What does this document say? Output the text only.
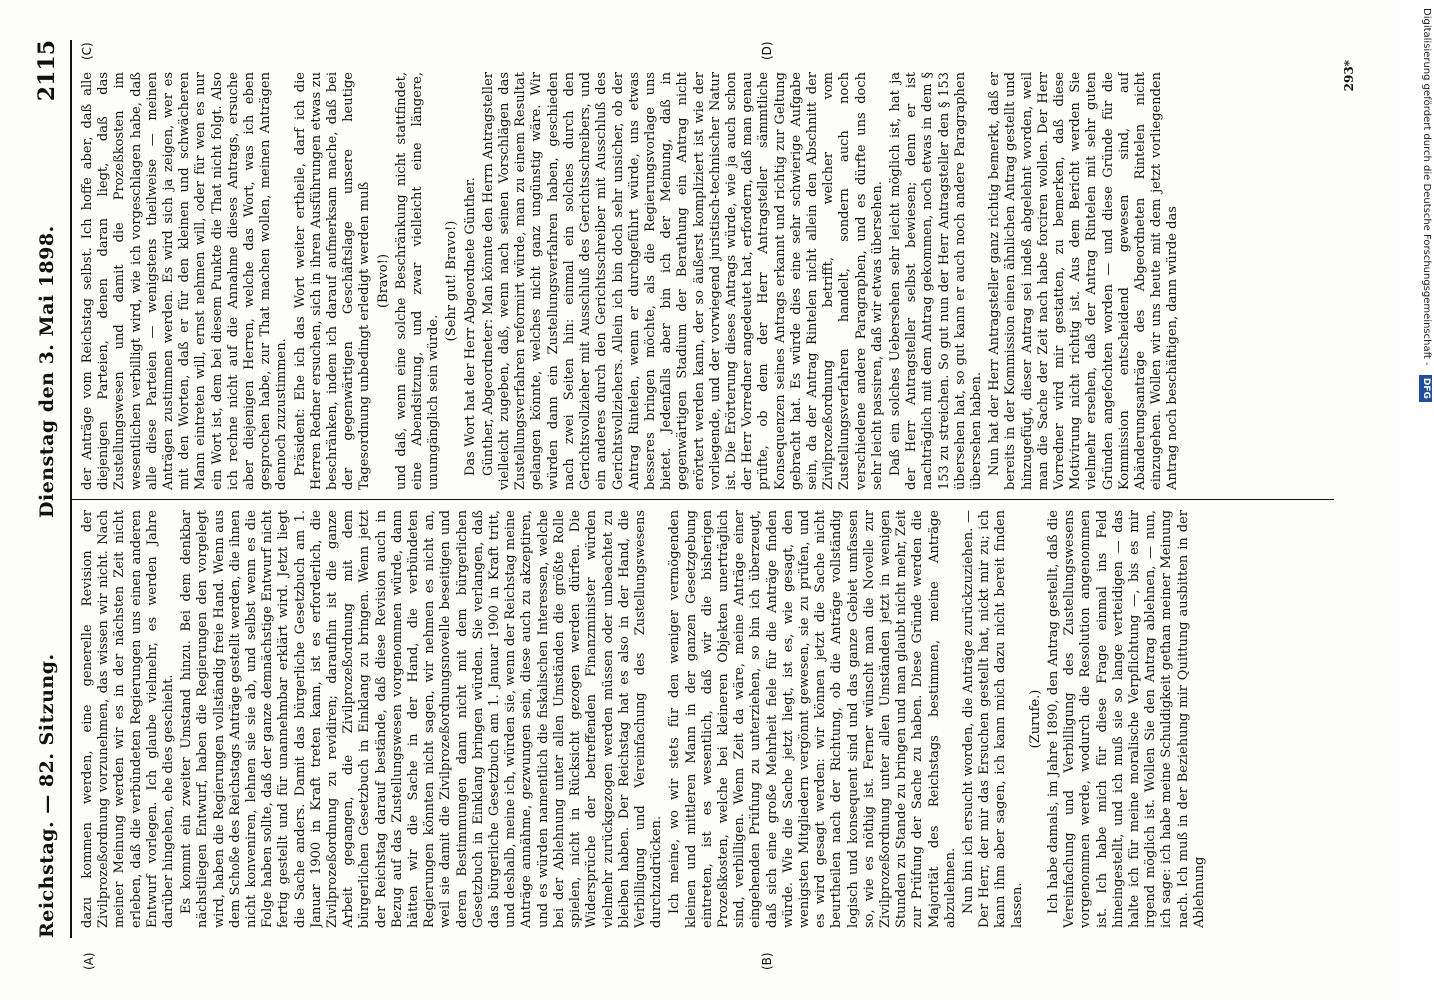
Reichstag. — 82. Sitzung.
Dienstag den 3. Mai 1898.
2115
(A)	(B)
(C)	(D)

dazu kommen werden, eine generelle Revision der Zivilprozeßordnung vorzunehmen, das wissen wir nicht. Nach meiner Meinung werden wir es in der nächsten Zeit nicht erleben, daß die verbündeten Regierungen uns einen anderen Entwurf vorlegen. Ich glaube vielmehr, es werden Jahre darüber hingehen, ehe dies geschieht. Es kommt ein zweiter Umstand hinzu. Bei dem denkbar nächstliegen Entwurf, haben die Regierungen den vorgelegt wird, haben die Regierungen vollständig freie Hand. Wenn aus dem Schoße des Reichstags Anträge gestellt werden, die ihnen nicht konveniren, lehnen sie sie ab, und selbst wenn es die Folge haben sollte, daß der ganze demnächstige Entwurf nicht fertig gestellt und für unannehmbar erklärt wird. Jetzt liegt die Sache anders. Damit das bürgerliche Gesetzbuch am 1. Januar 1900 in Kraft treten kann, ist es erforderlich, die Zivilprozeßordnung zu revidiren; daraufhin ist die ganze Arbeit gegangen, die Zivilprozeßordnung mit dem bürgerlichen Gesetzbuch in Einklang zu bringen. Wenn jetzt der Reichstag darauf bestände, daß diese Revision auch in Bezug auf das Zustellungswesen vorgenommen würde, dann hätten wir die Sache in der Hand, die verbündeten Regierungen könnten nicht sagen, wir nehmen es nicht an, weil sie damit die Zivilprozeßordnungsnovelle beseitigen und deren Bestimmungen dann nicht mit dem bürgerlichen Gesetzbuch in Einklang bringen würden. Sie verlangen, daß das bürgerliche Gesetzbuch am 1. Januar 1900 in Kraft tritt, und deshalb, meine ich, würden sie, wenn der Reichstag meine Anträge annähme, gezwungen sein, diese auch zu akzeptiren, und es würden namentlich die fiskalischen Interessen, welche bei der Ablehnung unter allen Umständen die größte Rolle spielen, nicht in Rücksicht gezogen werden dürfen. Die Widersprüche der betreffenden Finanzminister würden vielmehr zurückgezogen werden müssen oder unbeachtet zu bleiben haben. Der Reichstag hat es also in der Hand, die Verbilligung und Vereinfachung des Zustellungswesens durchzudrücken. Ich meine, wo wir stets für den weniger vermögenden kleinen und mittleren Mann in der ganzen Gesetzgebung eintreten, ist es wesentlich, daß wir die bisherigen Prozeßkosten, welche bei kleineren Objekten unerträglich sind, verbilligen. Wenn Zeit da wäre, meine Anträge einer eingehenden Prüfung zu unterziehen, so bin ich überzeugt, daß sich eine große Mehrheit fiele für die Anträge finden würde. Wie die Sache jetzt liegt, ist es, wie gesagt, den wenigsten Mitgliedern vergönnt gewesen, sie zu prüfen, und es wird gesagt werden: wir können jetzt die Sache nicht beurtheilen nach der Richtung, ob die Anträge vollständig logisch und konsequent sind und das ganze Gebiet umfassen so, wie es nöthig ist. Ferner wünscht man die Novelle zur Zivilprozeßordnung unter allen Umständen jetzt in wenigen Stunden zu Stande zu bringen und man glaubt nicht mehr, Zeit zur Prüfung der Sache zu haben. Diese Gründe werden die Majorität des Reichstags bestimmen, meine Anträge abzulehnen. Nun bin ich ersucht worden, die Anträge zurückzuziehen. — Der Herr, der mir das Ersuchen gestellt hat, nickt mir zu; ich kann ihm aber sagen, ich kann mich dazu nicht bereit finden lassen.

(Zurufe.) Ich habe damals, im Jahre 1890, den Antrag gestellt, daß die Vereinfachung und Verbilligung des Zustellungswesens vorgenommen werde, wodurch die Resolution angenommen ist. Ich habe mich für diese Frage einmal ins Feld hineingestellt, und ich muß sie so lange verteidigen — das halte ich für meine moralische Verpflichtung —, bis es mir irgend möglich ist. Wollen Sie den Antrag ablehnen, — nun, ich sage: ich habe meine Schuldigkeit gethan meiner Meinung nach. Ich muß in der Beziehung mir Quittung ausbitten in der Ablehnung

der Anträge vom Reichstag selbst. Ich hoffe aber, daß alle diejenigen Parteien, denen daran liegt, daß das Zustellungswesen und damit die Prozeßkosten im wesentlichen verbilligt wird, wie ich vorgeschlagen habe, daß alle diese Parteien — wenigstens theilweise — meinen Anträgen zustimmen werden. Es wird sich ja zeigen, wer es mit den Worten, daß er für den kleinen und schwächeren Mann eintreten will, ernst nehmen will, oder für wen es nur ein Wort ist, dem bei diesem Punkte die That nicht folgt. Also ich rechne nicht auf die Annahme dieses Antrags, ersuche aber diejenigen Herren, welche das Wort, was ich eben gesprochen habe, zur That machen wollen, meinen Anträgen dennoch zuzustimmen. Präsident: Ehe ich das Wort weiter ertheile, darf ich die Herren Redner ersuchen, sich in ihren Ausführungen etwas zu beschränken, indem ich darauf aufmerksam mache, daß bei der gegenwärtigen Geschäftslage unsere heutige Tagesordnung unbedingt erledigt werden muß (Bravo!) und daß, wenn eine solche Beschränkung nicht stattfindet, eine Abendsitzung, und zwar vielleicht eine längere, unumgänglich sein würde.

(Sehr gut! Bravo!) Das Wort hat der Herr Abgeordnete Günther. Günther, Abgeordneter: Man könnte den Herrn Antragsteller vielleicht zugeben, daß, wenn nach seinen Vorschlägen das Zustellungsverfahren reformirt würde, man zu einem Resultat gelangen könnte, welches nicht ganz ungünstig wäre. Wir würden dann ein Zustellungsverfahren haben, geschieden nach zwei Seiten hin: einmal ein solches durch den Gerichtsvollzieher mit Ausschluß des Gerichtsschreibers, und ein anderes durch den Gerichtsschreiber mit Ausschluß des Gerichtsvollziehers. Allein ich bin doch sehr unsicher, ob der Antrag Rintelen, wenn er durchgeführt würde, uns etwas besseres bringen möchte, als die Regierungsvorlage uns bietet. Jedenfalls aber bin ich der Meinung, daß in gegenwärtigen Stadium der Berathung ein Antrag nicht erörtert werden kann, der so äußerst kompliziert ist wie der vorliegende, und der vorwiegend juristisch-technischer Natur ist. Die Erörterung dieses Antrags würde, wie ja auch schon der Herr Vorredner angedeutet hat, erfordern, daß man genau prüfte, ob dem der Herr Antragsteller sämmtliche Konsequenzen seines Antrags erkannt und richtig zur Geltung gebracht hat. Es würde dies eine sehr schwierige Aufgabe sein, da der Antrag Rintelen nicht allein den Abschnitt der Zivilprozeßordnung betrifft, welcher vom Zustellungsverfahren handelt, sondern auch noch verschiedene andere Paragraphen, und es dürfte uns doch sehr leicht passiren, daß wir etwas übersehen. Daß ein solches Uebersehen sehr leicht möglich ist, hat ja der Herr Antragsteller selbst bewiesen; denn er ist nachträglich mit dem Antrag gekommen, noch etwas in dem § 153 zu streichen. So gut nun der Herr Antragsteller den § 153 übersehen hat, so gut kann er auch noch andere Paragraphen übersehen haben. Nun hat der Herr Antragsteller ganz richtig bemerkt, daß er bereits in der Kommission einen ähnlichen Antrag gestellt und hinzugefügt, dieser Antrag sei indeß abgelehnt worden, weil man die Sache der Zeit nach habe forciren wollen. Der Herr Vorredner wird mir gestatten, zu bemerken, daß diese Motivirung nicht richtig ist. Aus dem Bericht werden Sie vielmehr ersehen, daß der Antrag Rintelen mit sehr guten Gründen angefochten worden — und diese Gründe für die Kommission entscheidend gewesen sind, auf Abänderungsanträge des Abgeordneten Rintelen nicht einzugehen. Wollen wir uns heute mit dem jetzt vorliegenden Antrag noch beschäftigen, dann würde das

293*	Digitalisierung gefördert durch die Deutsche Forschungsgemeinschaft - DFG
